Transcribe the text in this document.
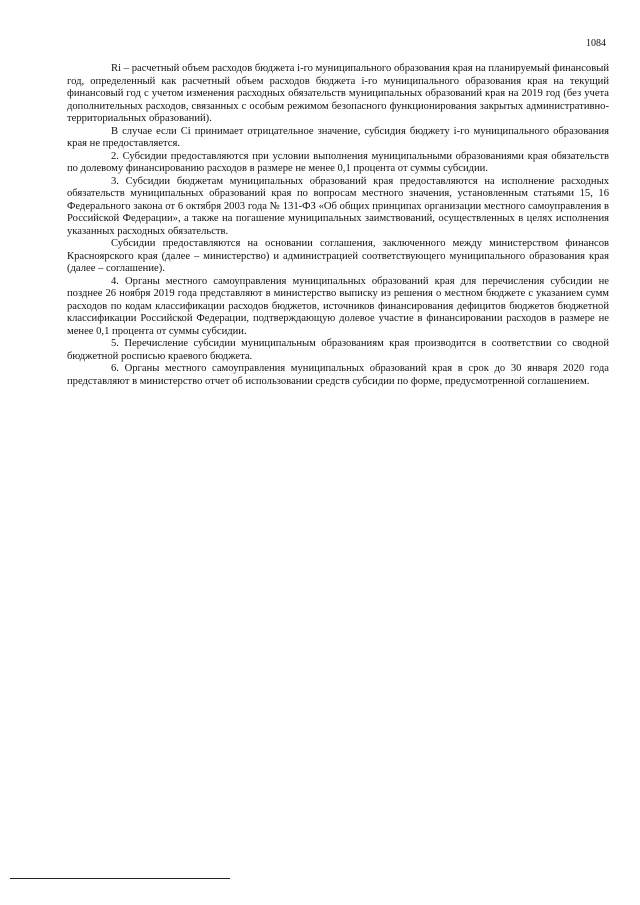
1084

Ri – расчетный объем расходов бюджета i-го муниципального образования края на планируемый финансовый год, определенный как расчетный объем расходов бюджета i-го муниципального образования края на текущий финансовый год с учетом изменения расходных обязательств муниципальных образований края на 2019 год (без учета дополнительных расходов, связанных с особым режимом безопасного функционирования закрытых административно-территориальных образований).

В случае если Ci принимает отрицательное значение, субсидия бюджету i-го муниципального образования края не предоставляется.

2. Субсидии предоставляются при условии выполнения муниципальными образованиями края обязательств по долевому финансированию расходов в размере не менее 0,1 процента от суммы субсидии.

3. Субсидии бюджетам муниципальных образований края предоставляются на исполнение расходных обязательств муниципальных образований края по вопросам местного значения, установленным статьями 15, 16 Федерального закона от 6 октября 2003 года № 131-ФЗ «Об общих принципах организации местного самоуправления в Российской Федерации», а также на погашение муниципальных заимствований, осуществленных в целях исполнения указанных расходных обязательств.

Субсидии предоставляются на основании соглашения, заключенного между министерством финансов Красноярского края (далее – министерство) и администрацией соответствующего муниципального образования края (далее – соглашение).

4. Органы местного самоуправления муниципальных образований края для перечисления субсидии не позднее 26 ноября 2019 года представляют в министерство выписку из решения о местном бюджете с указанием сумм расходов по кодам классификации расходов бюджетов, источников финансирования дефицитов бюджетов бюджетной классификации Российской Федерации, подтверждающую долевое участие в финансировании расходов в размере не менее 0,1 процента от суммы субсидии.

5. Перечисление субсидии муниципальным образованиям края производится в соответствии со сводной бюджетной росписью краевого бюджета.

6. Органы местного самоуправления муниципальных образований края в срок до 30 января 2020 года представляют в министерство отчет об использовании средств субсидии по форме, предусмотренной соглашением.
